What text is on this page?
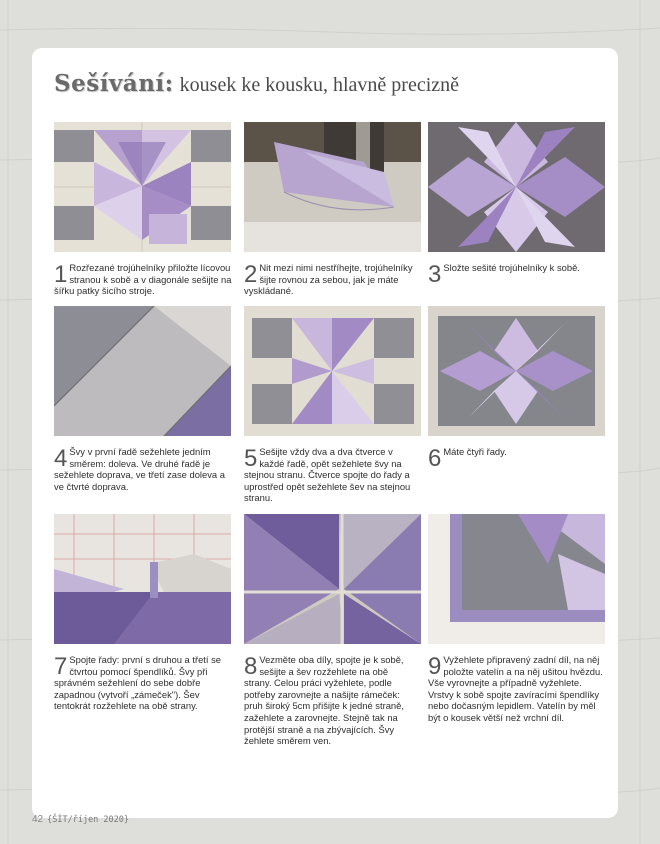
Sešívání: kousek ke kousku, hlavně precizně
1 Rozřezané trojúhelníky přiložte lícovou stranou k sobě a v diagonále sešijte na šířku patky šicího stroje.
2 Nit mezi nimi nestříhejte, trojúhelníky šijte rovnou za sebou, jak je máte vyskládané.
3 Složte sešité trojúhelníky k sobě.
4 Švy v první řadě sežehlete jedním směrem: doleva. Ve druhé řadě je sežehlete doprava, ve třetí zase doleva a ve čtvrté doprava.
5 Sešijte vždy dva a dva čtverce v každé řadě, opět sežehlete švy na stejnou stranu. Čtverce spojte do řady a uprostřed opět sežehlete šev na stejnou stranu.
6 Máte čtyři řady.
7 Spojte řady: první s druhou a třetí se čtvrtou pomocí špendlíků. Švy při správném sežehlení do sebe dobře zapadnou (vytvoří „zámeček"). Šev tentokrát rozžehlete na obě strany.
8 Vezměte oba díly, spojte je k sobě, sešijte a šev rozžehlete na obě strany. Celou práci vyžehlete, podle potřeby zarovnejte a našijte rámeček: pruh široký 5cm přišijte k jedné straně, zažehlete a zarovnejte. Stejně tak na protější straně a na zbývajících. Švy žehlete směrem ven.
9 Vyžehlete připravený zadní díl, na něj položte vatelín a na něj ušitou hvězdu. Vše vyrovnejte a případně vyžehlete. Vrstvy k sobě spojte zavíracími špendlíky nebo dočasným lepidlem. Vatelín by měl být o kousek větší než vrchní díl.
42 {ŠÍT/říjen 2020}
